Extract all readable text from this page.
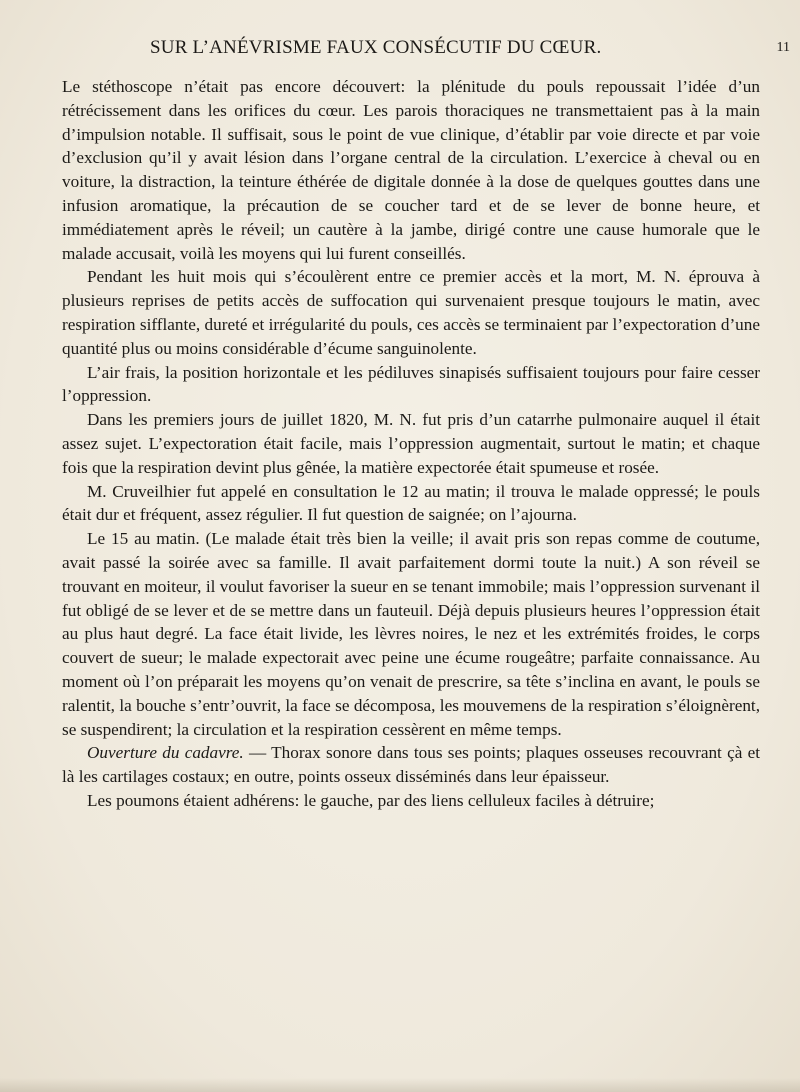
SUR L’ANÉVRISME FAUX CONSÉCUTIF DU CŒUR.	11

Le stéthoscope n’était pas encore découvert: la plénitude du pouls repoussait l’idée d’un rétrécissement dans les orifices du cœur. Les parois thoraciques ne transmettaient pas à la main d’impulsion notable. Il suffisait, sous le point de vue clinique, d’établir par voie directe et par voie d’exclusion qu’il y avait lésion dans l’organe central de la circulation. L’exercice à cheval ou en voiture, la distraction, la teinture éthérée de digitale donnée à la dose de quelques gouttes dans une infusion aromatique, la précaution de se coucher tard et de se lever de bonne heure, et immédiatement après le réveil; un cautère à la jambe, dirigé contre une cause humorale que le malade accusait, voilà les moyens qui lui furent conseillés.

Pendant les huit mois qui s’écoulèrent entre ce premier accès et la mort, M. N. éprouva à plusieurs reprises de petits accès de suffocation qui survenaient presque toujours le matin, avec respiration sifflante, dureté et irrégularité du pouls, ces accès se terminaient par l’expectoration d’une quantité plus ou moins considérable d’écume sanguinolente.

L’air frais, la position horizontale et les pédiluves sinapisés suffisaient toujours pour faire cesser l’oppression.

Dans les premiers jours de juillet 1820, M. N. fut pris d’un catarrhe pulmonaire auquel il était assez sujet. L’expectoration était facile, mais l’oppression augmentait, surtout le matin; et chaque fois que la respiration devint plus gênée, la matière expectorée était spumeuse et rosée.

M. Cruveilhier fut appelé en consultation le 12 au matin; il trouva le malade oppressé; le pouls était dur et fréquent, assez régulier. Il fut question de saignée; on l’ajourna.

Le 15 au matin. (Le malade était très bien la veille; il avait pris son repas comme de coutume, avait passé la soirée avec sa famille. Il avait parfaitement dormi toute la nuit.) A son réveil se trouvant en moiteur, il voulut favoriser la sueur en se tenant immobile; mais l’oppression survenant il fut obligé de se lever et de se mettre dans un fauteuil. Déjà depuis plusieurs heures l’oppression était au plus haut degré. La face était livide, les lèvres noires, le nez et les extrémités froides, le corps couvert de sueur; le malade expectorait avec peine une écume rougeâtre; parfaite connaissance. Au moment où l’on préparait les moyens qu’on venait de prescrire, sa tête s’inclina en avant, le pouls se ralentit, la bouche s’entr’ouvrit, la face se décomposa, les mouvemens de la respiration s’éloignèrent, se suspendirent; la circulation et la respiration cessèrent en même temps.

Ouverture du cadavre. — Thorax sonore dans tous ses points; plaques osseuses recouvrant çà et là les cartilages costaux; en outre, points osseux disséminés dans leur épaisseur.

Les poumons étaient adhérens: le gauche, par des liens celluleux faciles à détruire;
